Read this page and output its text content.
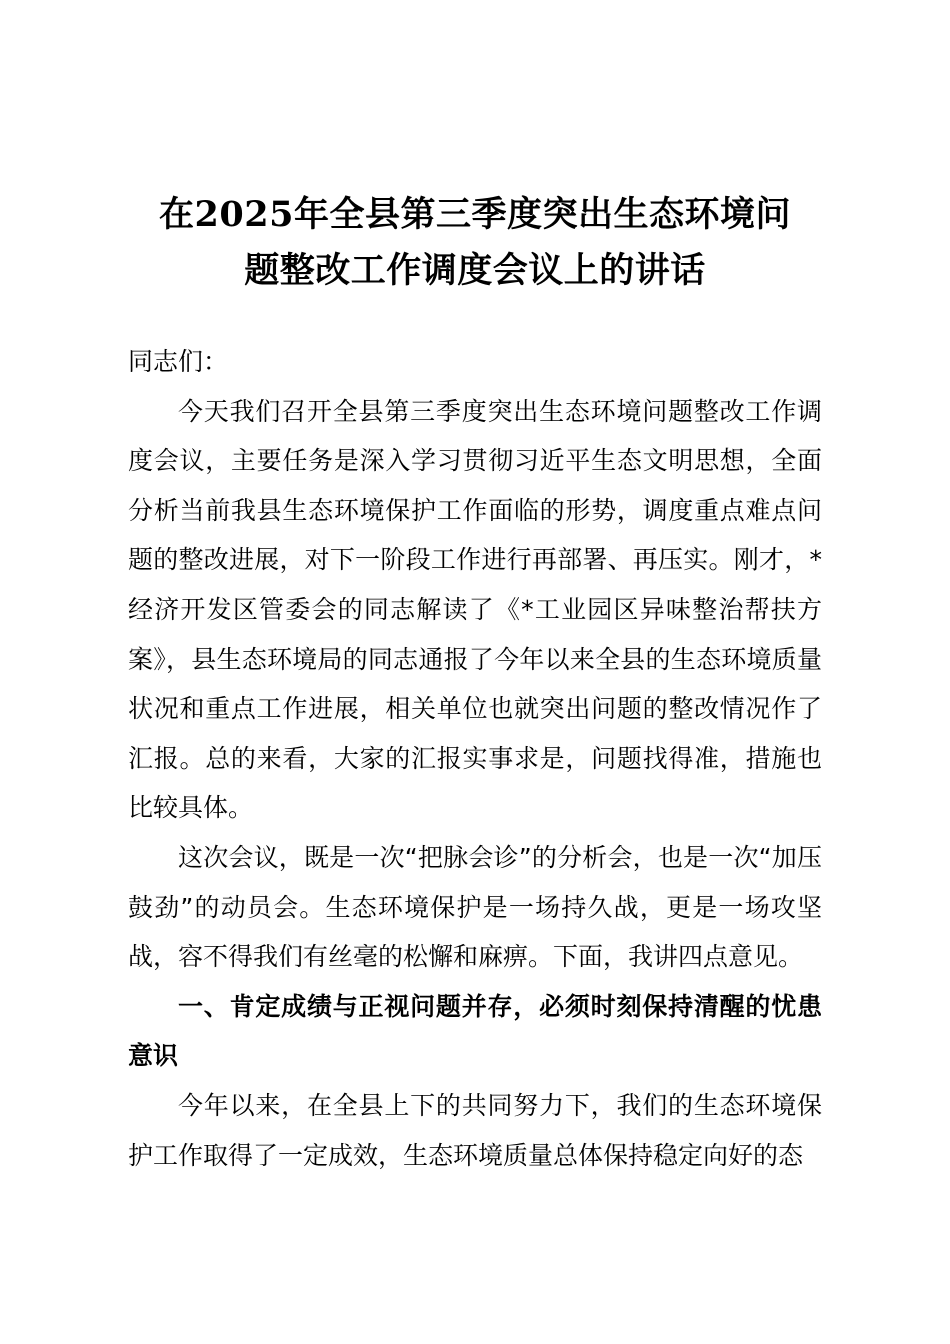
在2025年全县第三季度突出生态环境问
题整改工作调度会议上的讲话

同志们：

今天我们召开全县第三季度突出生态环境问题整改工作调度会议，主要任务是深入学习贯彻习近平生态文明思想，全面分析当前我县生态环境保护工作面临的形势，调度重点难点问题的整改进展，对下一阶段工作进行再部署、再压实。刚才，*经济开发区管委会的同志解读了《*工业园区异味整治帮扶方案》，县生态环境局的同志通报了今年以来全县的生态环境质量状况和重点工作进展，相关单位也就突出问题的整改情况作了汇报。总的来看，大家的汇报实事求是，问题找得准，措施也比较具体。

这次会议，既是一次“把脉会诊”的分析会，也是一次“加压鼓劲”的动员会。生态环境保护是一场持久战，更是一场攻坚战，容不得我们有丝毫的松懈和麻痹。下面，我讲四点意见。

一、肯定成绩与正视问题并存，必须时刻保持清醒的忧患意识

今年以来，在全县上下的共同努力下，我们的生态环境保护工作取得了一定成效，生态环境质量总体保持稳定向好的态
